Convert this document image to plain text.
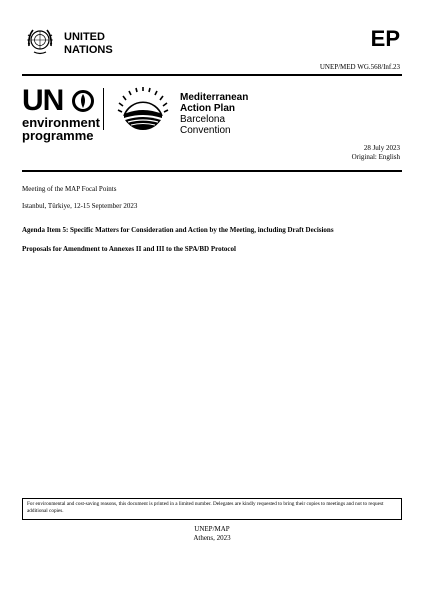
UNITED
NATIONS	EP
UNEP/MED WG.568/Inf.23
UN
environment
programme
Mediterranean
Action Plan
Barcelona
Convention
28 July 2023
Original: English
Meeting of the MAP Focal Points
Istanbul, Türkiye, 12-15 September 2023
Agenda Item 5: Specific Matters for Consideration and Action by the Meeting, including Draft Decisions
Proposals for Amendment to Annexes II and III to the SPA/BD Protocol
For environmental and cost-saving reasons, this document is printed in a limited number. Delegates are kindly requested to bring their copies to meetings and not to request additional copies.
UNEP/MAP
Athens, 2023
